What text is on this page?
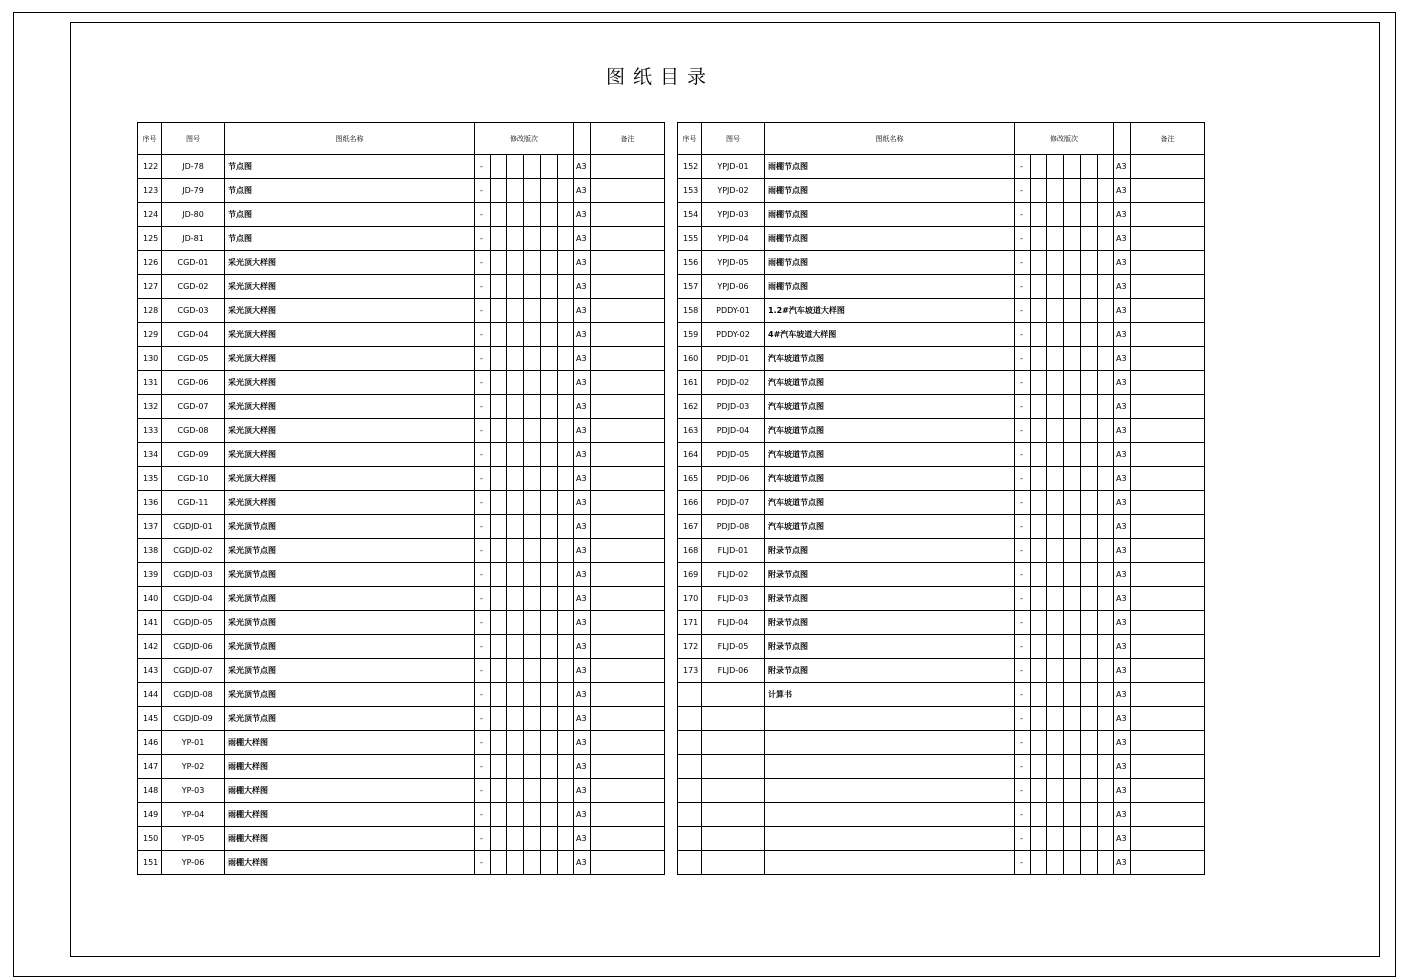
图纸目录
序号	图号	图纸名称	修改版次							备注
122	JD-78	节点图	-						A3	
123	JD-79	节点图	-						A3	
124	JD-80	节点图	-						A3	
125	JD-81	节点图	-						A3	
126	CGD-01	采光顶大样图	-						A3	
127	CGD-02	采光顶大样图	-						A3	
128	CGD-03	采光顶大样图	-						A3	
129	CGD-04	采光顶大样图	-						A3	
130	CGD-05	采光顶大样图	-						A3	
131	CGD-06	采光顶大样图	-						A3	
132	CGD-07	采光顶大样图	-						A3	
133	CGD-08	采光顶大样图	-						A3	
134	CGD-09	采光顶大样图	-						A3	
135	CGD-10	采光顶大样图	-						A3	
136	CGD-11	采光顶大样图	-						A3	
137	CGDJD-01	采光顶节点图	-						A3	
138	CGDJD-02	采光顶节点图	-						A3	
139	CGDJD-03	采光顶节点图	-						A3	
140	CGDJD-04	采光顶节点图	-						A3	
141	CGDJD-05	采光顶节点图	-						A3	
142	CGDJD-06	采光顶节点图	-						A3	
143	CGDJD-07	采光顶节点图	-						A3	
144	CGDJD-08	采光顶节点图	-						A3	
145	CGDJD-09	采光顶节点图	-						A3	
146	YP-01	雨棚大样图	-						A3	
147	YP-02	雨棚大样图	-						A3	
148	YP-03	雨棚大样图	-						A3	
149	YP-04	雨棚大样图	-						A3	
150	YP-05	雨棚大样图	-						A3	
151	YP-06	雨棚大样图	-						A3	
序号	图号	图纸名称	修改版次							备注
152	YPJD-01	雨棚节点图	-						A3	
153	YPJD-02	雨棚节点图	-						A3	
154	YPJD-03	雨棚节点图	-						A3	
155	YPJD-04	雨棚节点图	-						A3	
156	YPJD-05	雨棚节点图	-						A3	
157	YPJD-06	雨棚节点图	-						A3	
158	PDDY-01	1.2#汽车坡道大样图	-						A3	
159	PDDY-02	4#汽车坡道大样图	-						A3	
160	PDJD-01	汽车坡道节点图	-						A3	
161	PDJD-02	汽车坡道节点图	-						A3	
162	PDJD-03	汽车坡道节点图	-						A3	
163	PDJD-04	汽车坡道节点图	-						A3	
164	PDJD-05	汽车坡道节点图	-						A3	
165	PDJD-06	汽车坡道节点图	-						A3	
166	PDJD-07	汽车坡道节点图	-						A3	
167	PDJD-08	汽车坡道节点图	-						A3	
168	FLJD-01	附录节点图	-						A3	
169	FLJD-02	附录节点图	-						A3	
170	FLJD-03	附录节点图	-						A3	
171	FLJD-04	附录节点图	-						A3	
172	FLJD-05	附录节点图	-						A3	
173	FLJD-06	附录节点图	-						A3	
		计算书	-						A3	
			-						A3	
			-						A3	
			-						A3	
			-						A3	
			-						A3	
			-						A3	
			-						A3	
